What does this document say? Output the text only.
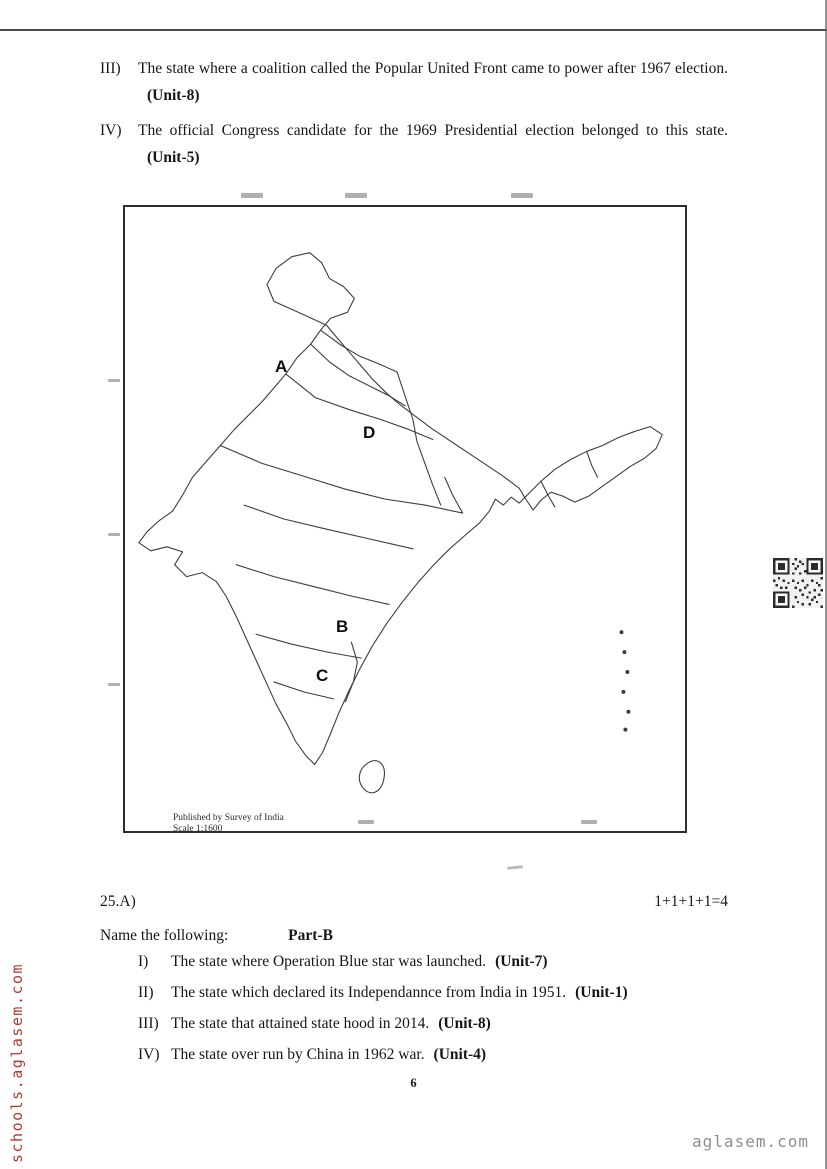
III)	The state where a coalition called the Popular United Front came to power after 1967 election.(Unit-8)
IV)	The official Congress candidate for the 1969 Presidential election belonged to this state.(Unit-5)
A
D
B
C
Published by Survey of India
Scale 1:1600
25.A)	1+1+1+1=4
Name the following:	Part-B
I)	The state where Operation Blue star was launched. (Unit-7)
II)	The state which declared its Independannce from India in 1951. (Unit-1)
III) The state that attained state hood in 2014. (Unit-8)
IV) The state over run by China in 1962 war. (Unit-4)
6
schools.aglasem.com	aglasem.com
